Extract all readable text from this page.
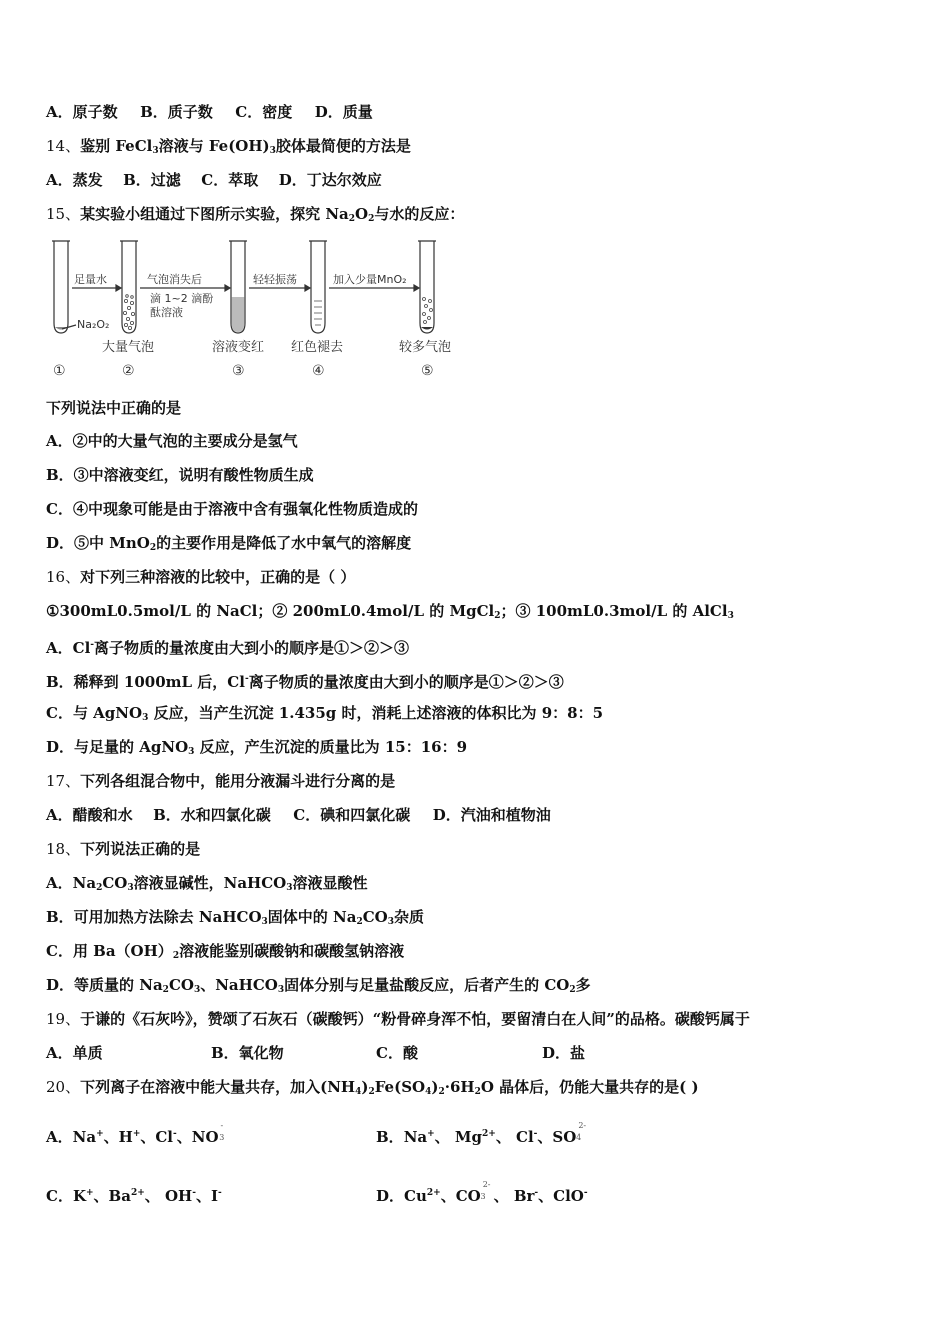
A．原子数 B．质子数 C．密度 D．质量
14、鉴别 FeCl$_3$溶液与 $Fe(OH)_3$胶体最简便的方法是
A．蒸发 B．过滤 C．萃取 D．丁达尔效应
15、某实验小组通过下图所示实验，探究 $Na_2O_2$与水的反应：
足量水	气泡消失后
滴 1~2 滴酚
酞溶液
轻轻振荡	加入少量MnO₂
Na₂O₂
大量气泡	溶液变红 红色褪去	较多气泡
①	②	③	④	⑤
下列说法中正确的是
A．②中的大量气泡的主要成分是氢气
B．③中溶液变红，说明有酸性物质生成
C．④中现象可能是由于溶液中含有强氧化性物质造成的
D．⑤中 MnO$_2$的主要作用是降低了水中氧气的溶解度
16、对下列三种溶液的比较中，正确的是（ ）
①300mL0.5mol/L 的 NaCl；② 200mL0.4mol/L 的 MgCl$_2$；③ 100mL0.3mol/L 的 AlCl$_3$
A．Cl-离子物质的量浓度由大到小的顺序是①＞②＞③
B．稀释到 1000mL 后，Cl-离子物质的量浓度由大到小的顺序是①＞②＞③
C．与 AgNO$_3$ 反应，当产生沉淀 1.435g 时，消耗上述溶液的体积比为 9：8：5
D．与足量的 AgNO$_3$ 反应，产生沉淀的质量比为 15：16：9
17、下列各组混合物中，能用分液漏斗进行分离的是
A．醋酸和水 B．水和四氯化碳 C．碘和四氯化碳 D．汽油和植物油
18、下列说法正确的是
A．$Na_2CO_3$溶液显碱性，NaHCO$_3$溶液显酸性
B．可用加热方法除去 NaHCO$_3$固体中的 $Na_2CO_3$杂质
C．用 $Ba(OH)_2$溶液能鉴别碳酸钠和碳酸氢钠溶液
D．等质量的 $Na_2CO_3$、NaHCO$_3$固体分别与足量盐酸反应，后者产生的 $CO_2$多
19、于谦的《石灰吟》，赞颂了石灰石（碳酸钙）“粉骨碎身浑不怕，要留清白在人间”的品格。碳酸钙属于
A．单质	B．氧化物	C．酸	D．盐
20、下列离子在溶液中能大量共存，加入$(NH_4)_2Fe(SO_4)_2\cdot 6H_2O$ 晶体后，仍能大量共存的是( )
A．Na+、H+、Cl-、NO-3	B．Na+、 $Mg^{2+}$、 Cl-、$SO^{2-}4$
C．K+、$Ba^{2+}$、 OH-、I-	D．$Cu^{2+}$、$CO^{2-}3$ 、 Br-、ClO-
